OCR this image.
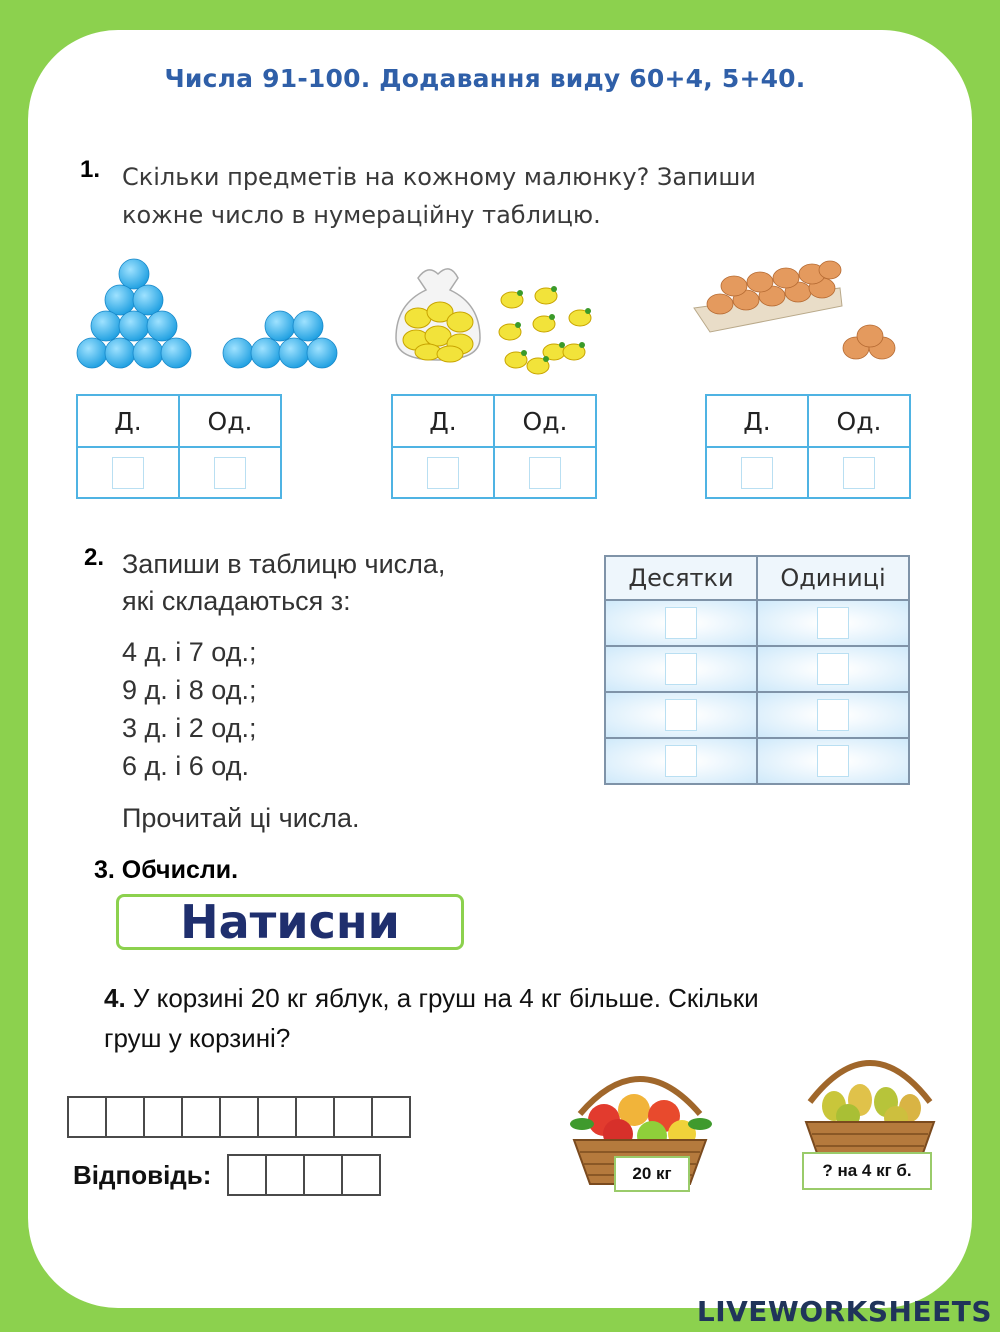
Числа 91-100. Додавання виду 60+4, 5+40.
1. Скільки предметів на кожному малюнку? Запиши
кожне число в нумераційну таблицю.
Д.	Од.
		Д.	Од.
		Д.	Од.

2. Запиши в таблицю числа,
які складаються з:
4 д. і 7 од.;
9 д. і 8 од.;
3 д. і 2 од.;
6 д. і 6 од.
Прочитай ці числа.
Десятки	Одиниці

3. Обчисли.
Натисни
4. У корзині 20 кг яблук, а груш на 4 кг більше. Скільки
груш у корзині?
Відповідь:	20 кг	? на 4 кг б.
LIVEWORKSHEETS
